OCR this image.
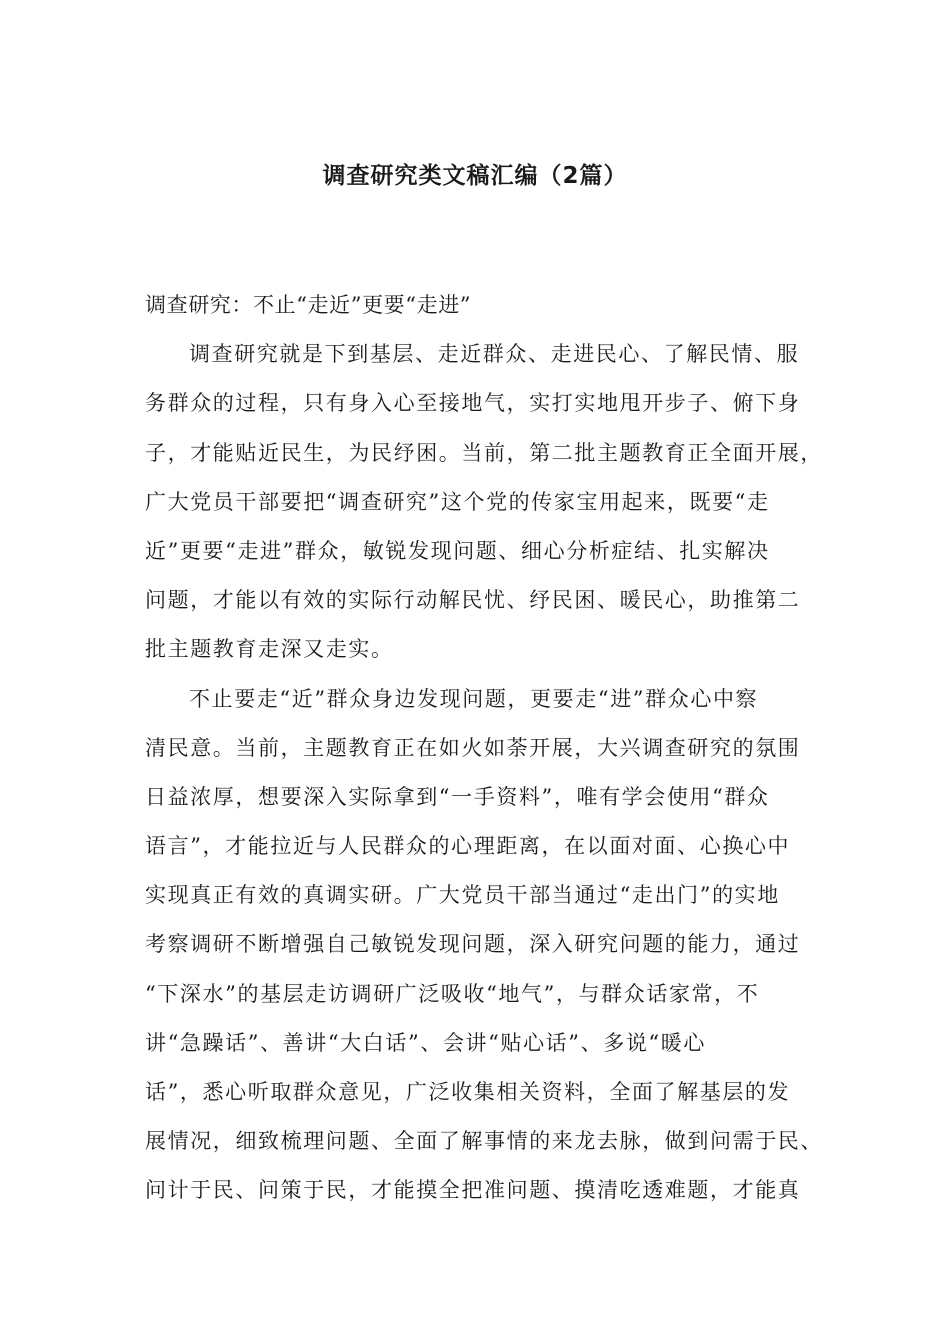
调查研究类文稿汇编（2篇）
调查研究：不止“走近”更要“走进”
调查研究就是下到基层、走近群众、走进民心、了解民情、服
务群众的过程，只有身入心至接地气，实打实地甩开步子、俯下身
子，才能贴近民生，为民纾困。当前，第二批主题教育正全面开展，
广大党员干部要把“调查研究”这个党的传家宝用起来，既要“走
近”更要“走进”群众，敏锐发现问题、细心分析症结、扎实解决
问题，才能以有效的实际行动解民忧、纾民困、暖民心，助推第二
批主题教育走深又走实。
不止要走“近”群众身边发现问题，更要走“进”群众心中察
清民意。当前，主题教育正在如火如荼开展，大兴调查研究的氛围
日益浓厚，想要深入实际拿到“一手资料”，唯有学会使用“群众
语言”，才能拉近与人民群众的心理距离，在以面对面、心换心中
实现真正有效的真调实研。广大党员干部当通过“走出门”的实地
考察调研不断增强自己敏锐发现问题，深入研究问题的能力，通过
“下深水”的基层走访调研广泛吸收“地气”，与群众话家常，不
讲“急躁话”、善讲“大白话”、会讲“贴心话”、多说“暖心
话”，悉心听取群众意见，广泛收集相关资料，全面了解基层的发
展情况，细致梳理问题、全面了解事情的来龙去脉，做到问需于民、
问计于民、问策于民，才能摸全把准问题、摸清吃透难题，才能真
